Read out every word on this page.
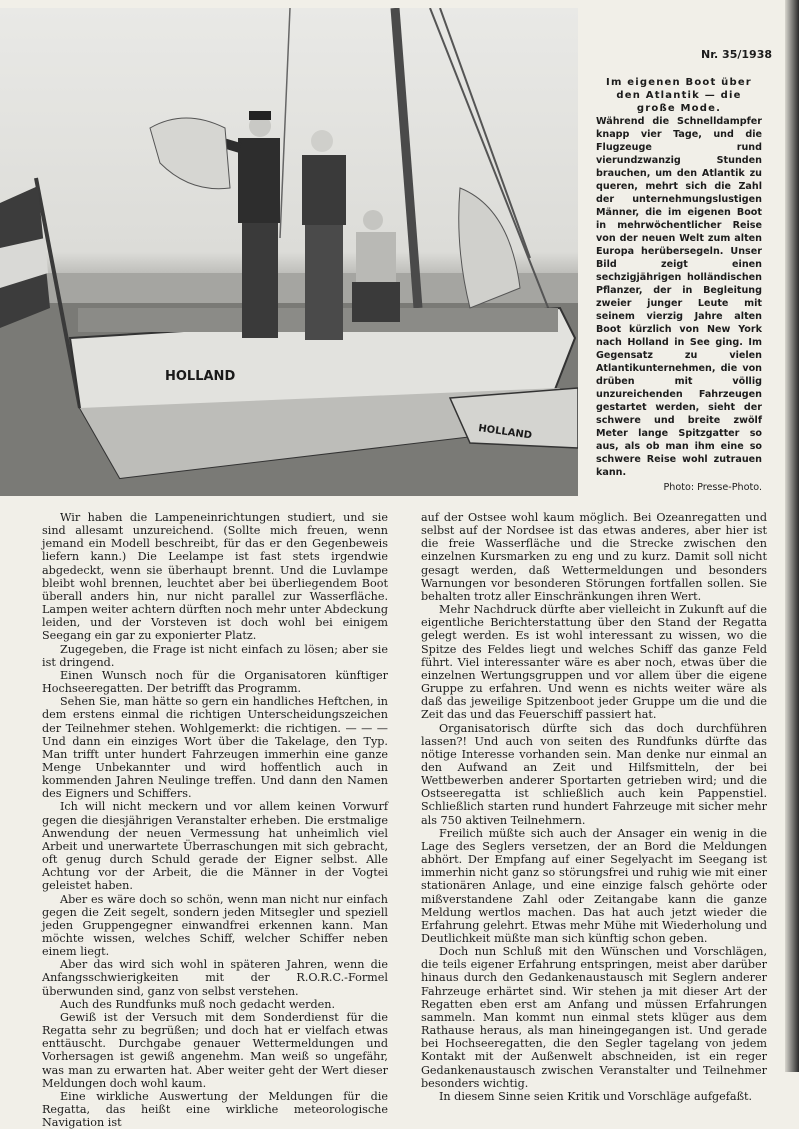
HOLLAND
HOLLAND
Nr. 35/1938
Im eigenen Boot über den Atlantik — die große Mode.
Während die Schnelldampfer knapp vier Tage, und die Flugzeuge rund vierundzwanzig Stunden brauchen, um den Atlantik zu queren, mehrt sich die Zahl der unternehmungslustigen Männer, die im eigenen Boot in mehrwöchentlicher Reise von der neuen Welt zum alten Europa herübersegeln. Unser Bild zeigt einen sechzigjährigen holländischen Pflanzer, der in Begleitung zweier junger Leute mit seinem vierzig Jahre alten Boot kürzlich von New York nach Holland in See ging. Im Gegensatz zu vielen Atlantikunternehmen, die von drüben mit völlig unzureichenden Fahrzeugen gestartet werden, sieht der schwere und breite zwölf Meter lange Spitzgatter so aus, als ob man ihm eine so schwere Reise wohl zutrauen kann.
Photo: Presse-Photo.

Wir haben die Lampeneinrichtungen studiert, und sie sind allesamt unzureichend. (Sollte mich freuen, wenn jemand ein Modell beschreibt, für das er den Gegenbeweis liefern kann.) Die Leelampe ist fast stets irgendwie abgedeckt, wenn sie überhaupt brennt. Und die Luvlampe bleibt wohl brennen, leuchtet aber bei überliegendem Boot überall anders hin, nur nicht parallel zur Wasserfläche. Lampen weiter achtern dürften noch mehr unter Abdeckung leiden, und der Vorsteven ist doch wohl bei einigem Seegang ein gar zu exponierter Platz.

Zugegeben, die Frage ist nicht einfach zu lösen; aber sie ist dringend.

Einen Wunsch noch für die Organisatoren künftiger Hochseeregatten. Der betrifft das Programm.

Sehen Sie, man hätte so gern ein handliches Heftchen, in dem erstens einmal die richtigen Unterscheidungszeichen der Teilnehmer stehen. Wohlgemerkt: die richtigen. — — — Und dann ein einziges Wort über die Takelage, den Typ. Man trifft unter hundert Fahrzeugen immerhin eine ganze Menge Unbekannter und wird hoffentlich auch in kommenden Jahren Neulinge treffen. Und dann den Namen des Eigners und Schiffers.

Ich will nicht meckern und vor allem keinen Vorwurf gegen die diesjährigen Veranstalter erheben. Die erstmalige Anwendung der neuen Vermessung hat unheimlich viel Arbeit und unerwartete Überraschungen mit sich gebracht, oft genug durch Schuld gerade der Eigner selbst. Alle Achtung vor der Arbeit, die die Männer in der Vogtei geleistet haben.

Aber es wäre doch so schön, wenn man nicht nur einfach gegen die Zeit segelt, sondern jeden Mitsegler und speziell jeden Gruppengegner einwandfrei erkennen kann. Man möchte wissen, welches Schiff, welcher Schiffer neben einem liegt.

Aber das wird sich wohl in späteren Jahren, wenn die Anfangsschwierigkeiten mit der R.O.R.C.-Formel überwunden sind, ganz von selbst verstehen.

Auch des Rundfunks muß noch gedacht werden.

Gewiß ist der Versuch mit dem Sonderdienst für die Regatta sehr zu begrüßen; und doch hat er vielfach etwas enttäuscht. Durchgabe genauer Wettermeldungen und Vorhersagen ist gewiß angenehm. Man weiß so ungefähr, was man zu erwarten hat. Aber weiter geht der Wert dieser Meldungen doch wohl kaum.

Eine wirkliche Auswertung der Meldungen für die Regatta, das heißt eine wirkliche meteorologische Navigation ist

auf der Ostsee wohl kaum möglich. Bei Ozeanregatten und selbst auf der Nordsee ist das etwas anderes, aber hier ist die freie Wasserfläche und die Strecke zwischen den einzelnen Kursmarken zu eng und zu kurz. Damit soll nicht gesagt werden, daß Wettermeldungen und besonders Warnungen vor besonderen Störungen fortfallen sollen. Sie behalten trotz aller Einschränkungen ihren Wert.

Mehr Nachdruck dürfte aber vielleicht in Zukunft auf die eigentliche Berichterstattung über den Stand der Regatta gelegt werden. Es ist wohl interessant zu wissen, wo die Spitze des Feldes liegt und welches Schiff das ganze Feld führt. Viel interessanter wäre es aber noch, etwas über die einzelnen Wertungsgruppen und vor allem über die eigene Gruppe zu erfahren. Und wenn es nichts weiter wäre als daß das jeweilige Spitzenboot jeder Gruppe um die und die Zeit das und das Feuerschiff passiert hat.

Organisatorisch dürfte sich das doch durchführen lassen?! Und auch von seiten des Rundfunks dürfte das nötige Interesse vorhanden sein. Man denke nur einmal an den Aufwand an Zeit und Hilfsmitteln, der bei Wettbewerben anderer Sportarten getrieben wird; und die Ostseeregatta ist schließlich auch kein Pappenstiel. Schließlich starten rund hundert Fahrzeuge mit sicher mehr als 750 aktiven Teilnehmern.

Freilich müßte sich auch der Ansager ein wenig in die Lage des Seglers versetzen, der an Bord die Meldungen abhört. Der Empfang auf einer Segelyacht im Seegang ist immerhin nicht ganz so störungsfrei und ruhig wie mit einer stationären Anlage, und eine einzige falsch gehörte oder mißverstandene Zahl oder Zeitangabe kann die ganze Meldung wertlos machen. Das hat auch jetzt wieder die Erfahrung gelehrt. Etwas mehr Mühe mit Wiederholung und Deutlichkeit müßte man sich künftig schon geben.

Doch nun Schluß mit den Wünschen und Vorschlägen, die teils eigener Erfahrung entspringen, meist aber darüber hinaus durch den Gedankenaustausch mit Seglern anderer Fahrzeuge erhärtet sind. Wir stehen ja mit dieser Art der Regatten eben erst am Anfang und müssen Erfahrungen sammeln. Man kommt nun einmal stets klüger aus dem Rathause heraus, als man hineingegangen ist. Und gerade bei Hochseeregatten, die den Segler tagelang von jedem Kontakt mit der Außenwelt abschneiden, ist ein reger Gedankenaustausch zwischen Veranstalter und Teilnehmer besonders wichtig.

In diesem Sinne seien Kritik und Vorschläge aufgefaßt.
